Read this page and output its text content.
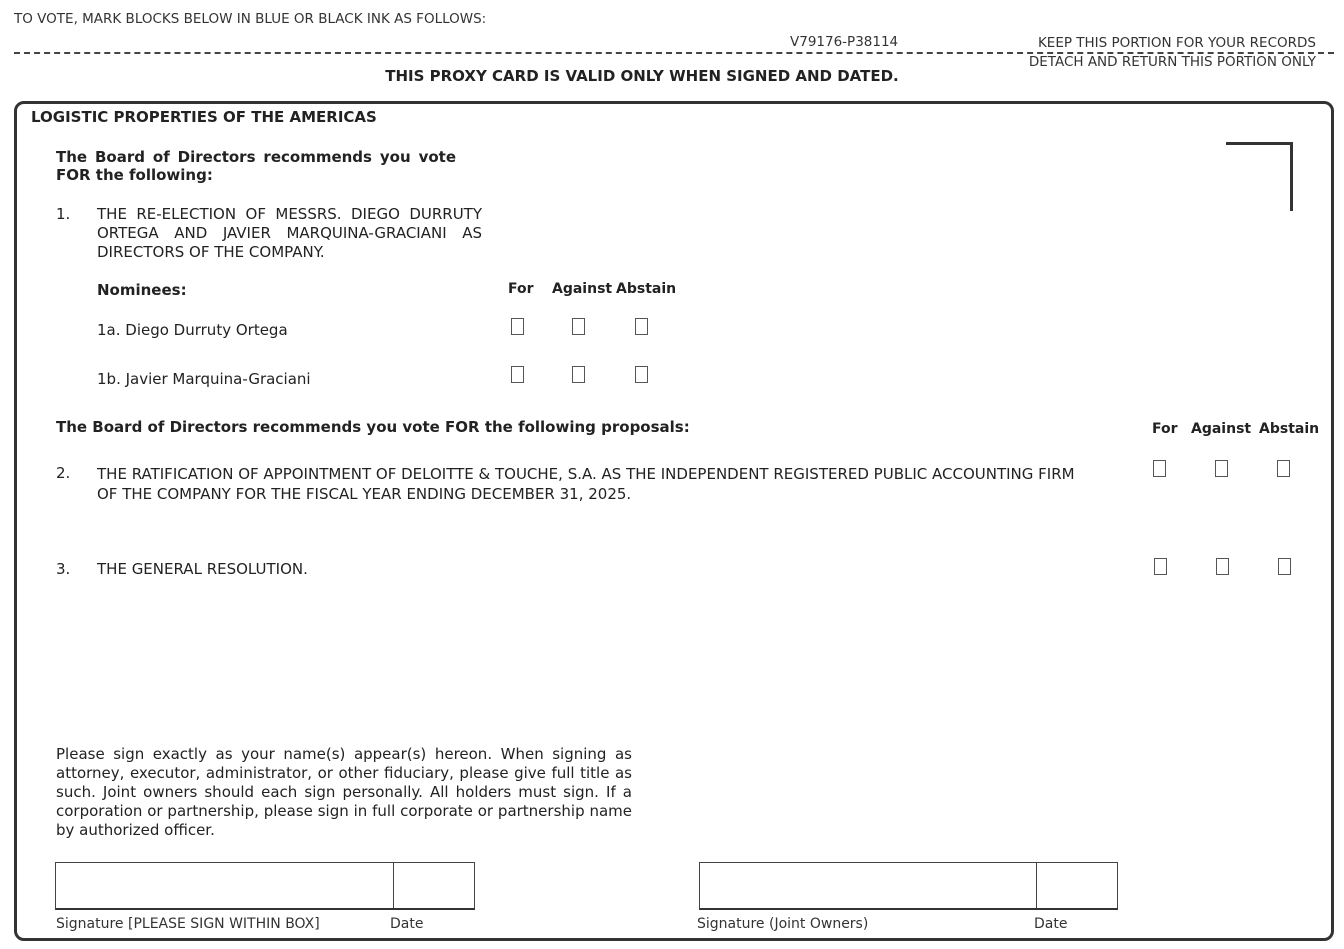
TO VOTE, MARK BLOCKS BELOW IN BLUE OR BLACK INK AS FOLLOWS:
V79176-P38114	KEEP THIS PORTION FOR YOUR RECORDS
DETACH AND RETURN THIS PORTION ONLY
THIS PROXY CARD IS VALID ONLY WHEN SIGNED AND DATED.
LOGISTIC PROPERTIES OF THE AMERICAS
The Board of Directors recommends you vote FOR the following:
1. THE RE-ELECTION OF MESSRS. DIEGO DURRUTY ORTEGA AND JAVIER MARQUINA-GRACIANI AS DIRECTORS OF THE COMPANY.
Nominees:	For Against Abstain
1a. Diego Durruty Ortega
1b. Javier Marquina-Graciani
The Board of Directors recommends you vote FOR the following proposals:	For Against Abstain
2. THE RATIFICATION OF APPOINTMENT OF DELOITTE & TOUCHE, S.A. AS THE INDEPENDENT REGISTERED PUBLIC ACCOUNTING FIRM OF THE COMPANY FOR THE FISCAL YEAR ENDING DECEMBER 31, 2025.
3. THE GENERAL RESOLUTION.
Please sign exactly as your name(s) appear(s) hereon. When signing as attorney, executor, administrator, or other fiduciary, please give full title as such. Joint owners should each sign personally. All holders must sign. If a corporation or partnership, please sign in full corporate or partnership name by authorized officer.
Signature [PLEASE SIGN WITHIN BOX]	Date	Signature (Joint Owners)	Date
